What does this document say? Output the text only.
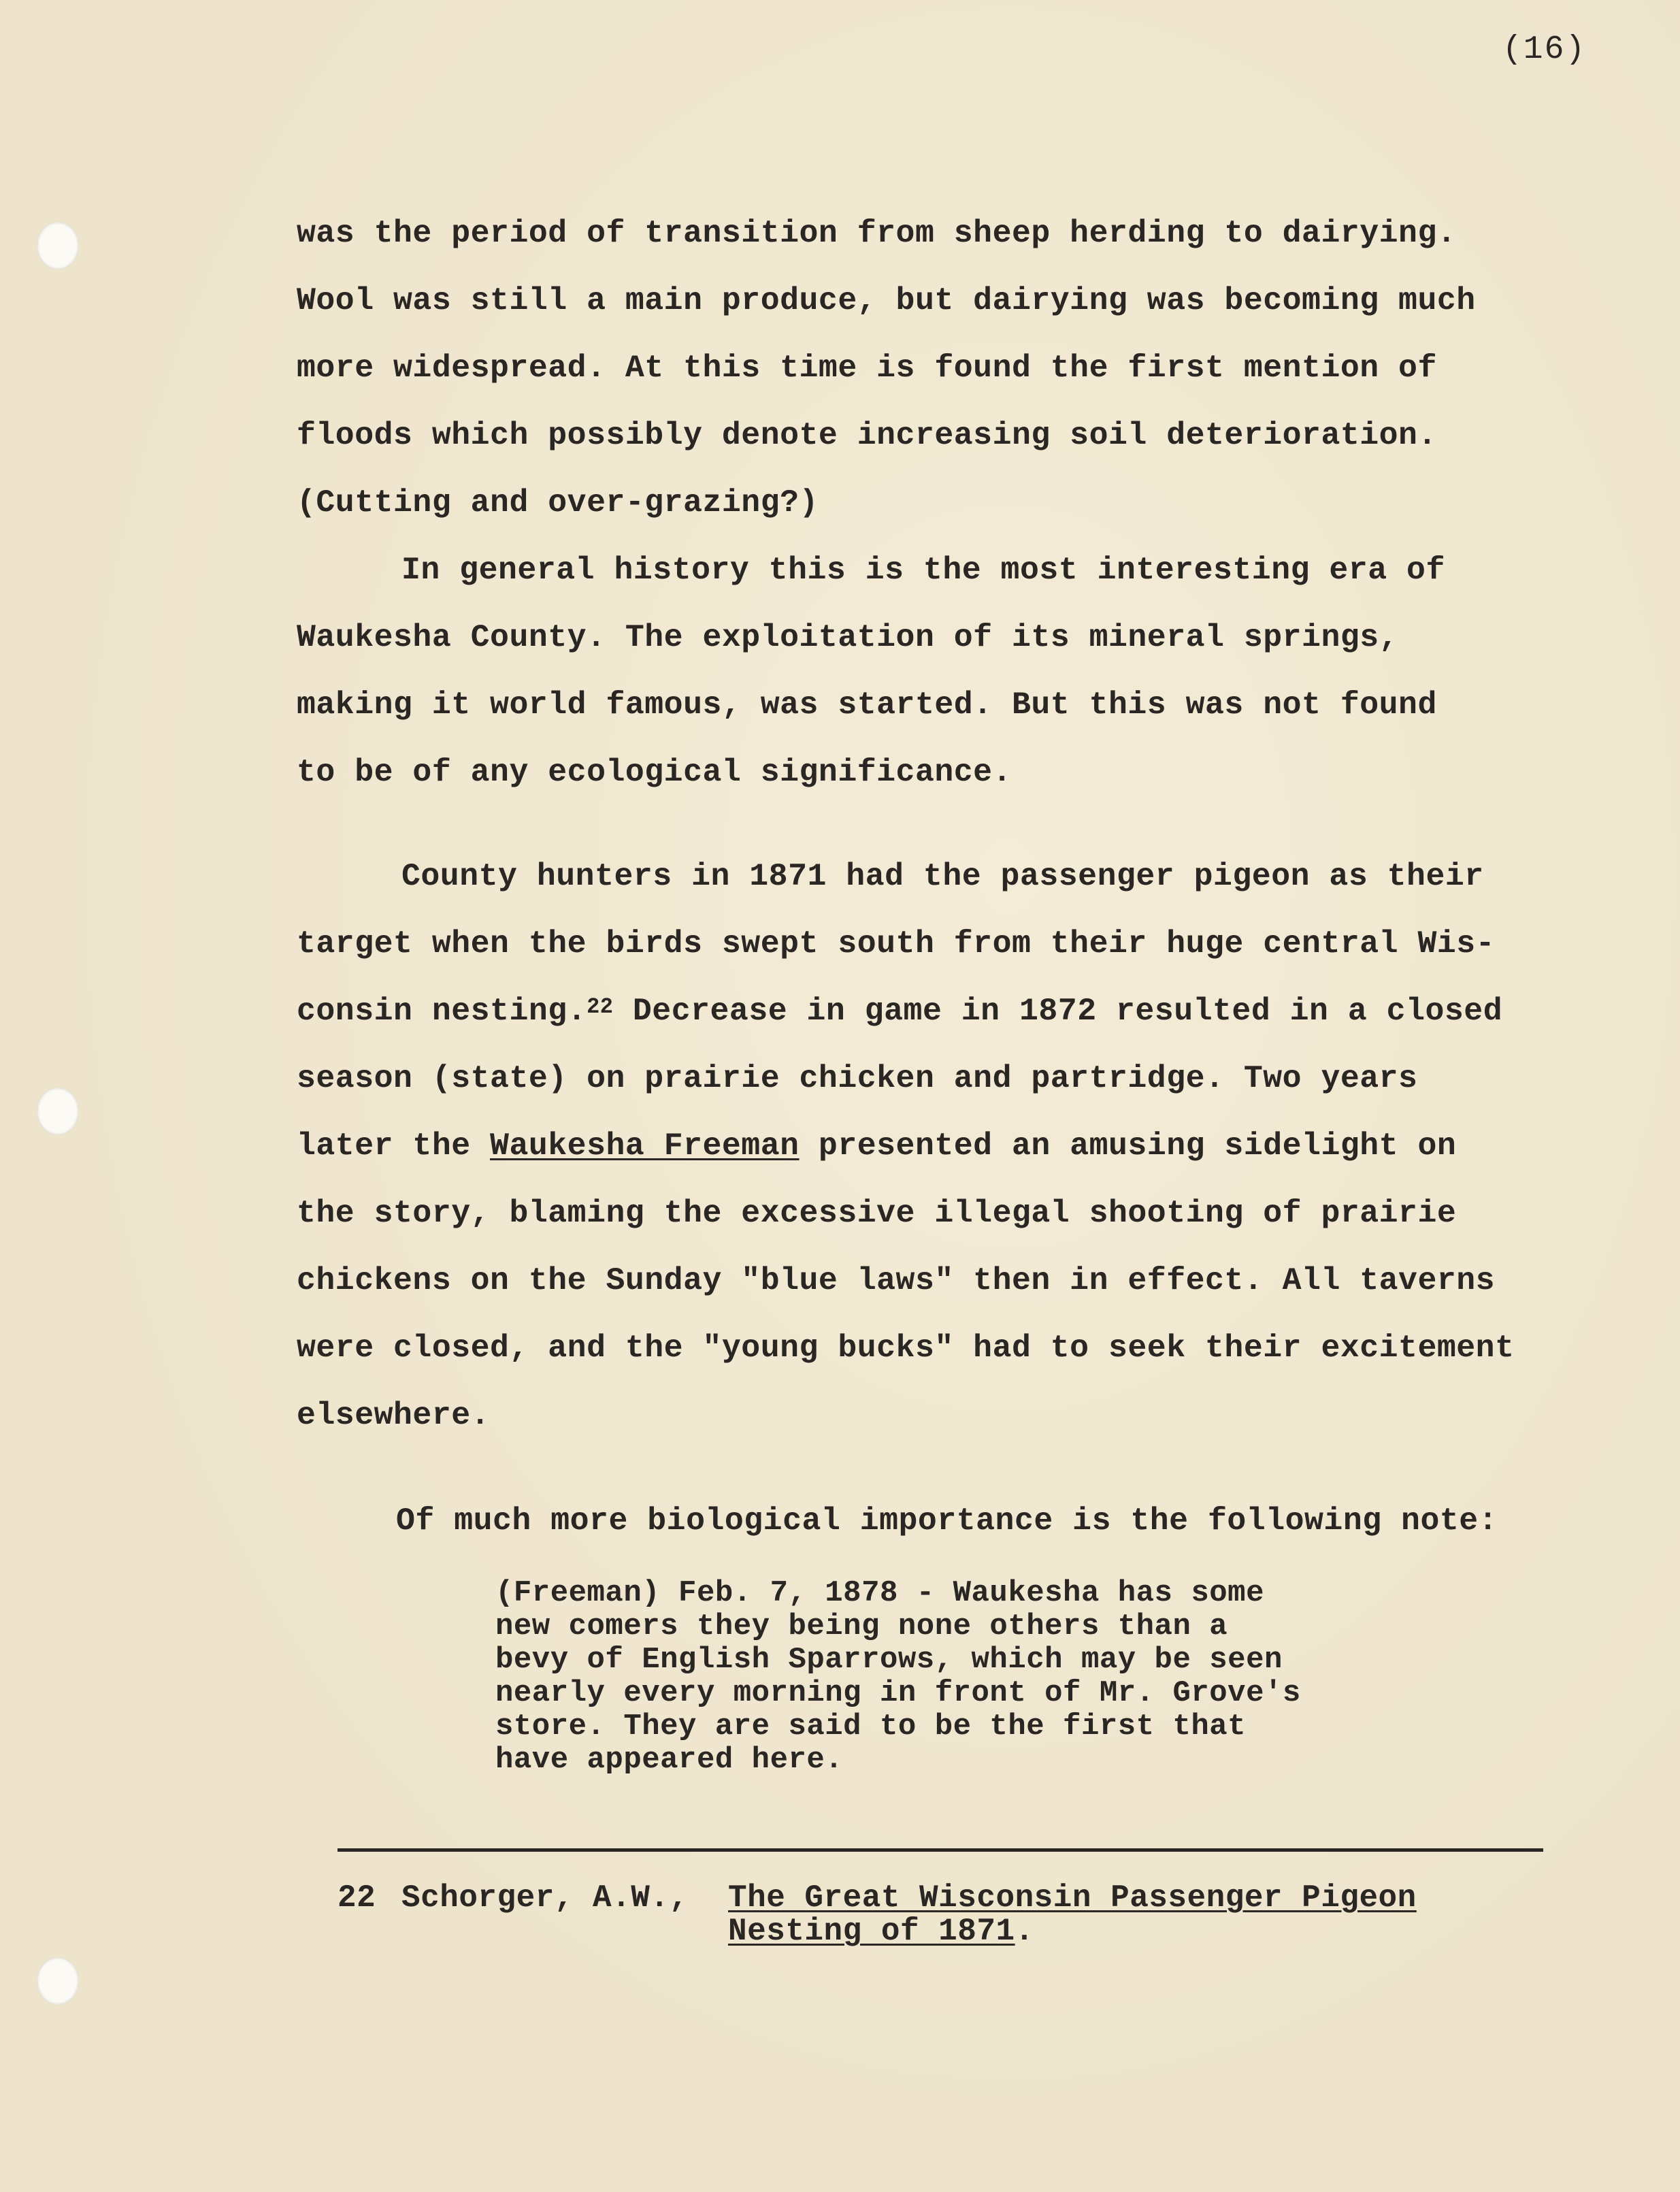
(16)
was the period of transition from sheep herding to dairying.
Wool was still a main produce, but dairying was becoming much
more widespread. At this time is found the first mention of
floods which possibly denote increasing soil deterioration.
(Cutting and over-grazing?)
In general history this is the most interesting era of
Waukesha County. The exploitation of its mineral springs,
making it world famous, was started. But this was not found
to be of any ecological significance.
County hunters in 1871 had the passenger pigeon as their
target when the birds swept south from their huge central Wis-
consin nesting.$^{22}$ Decrease in game in 1872 resulted in a closed
season (state) on prairie chicken and partridge. Two years
later the Waukesha Freeman presented an amusing sidelight on
the story, blaming the excessive illegal shooting of prairie
chickens on the Sunday "blue laws" then in effect. All taverns
were closed, and the "young bucks" had to seek their excitement
elsewhere.
Of much more biological importance is the following note:
(Freeman) Feb. 7, 1878 - Waukesha has some
new comers they being none others than a
bevy of English Sparrows, which may be seen
nearly every morning in front of Mr. Grove's
store. They are said to be the first that
have appeared here.
22 Schorger, A.W., The Great Wisconsin Passenger Pigeon
Nesting of 1871.
